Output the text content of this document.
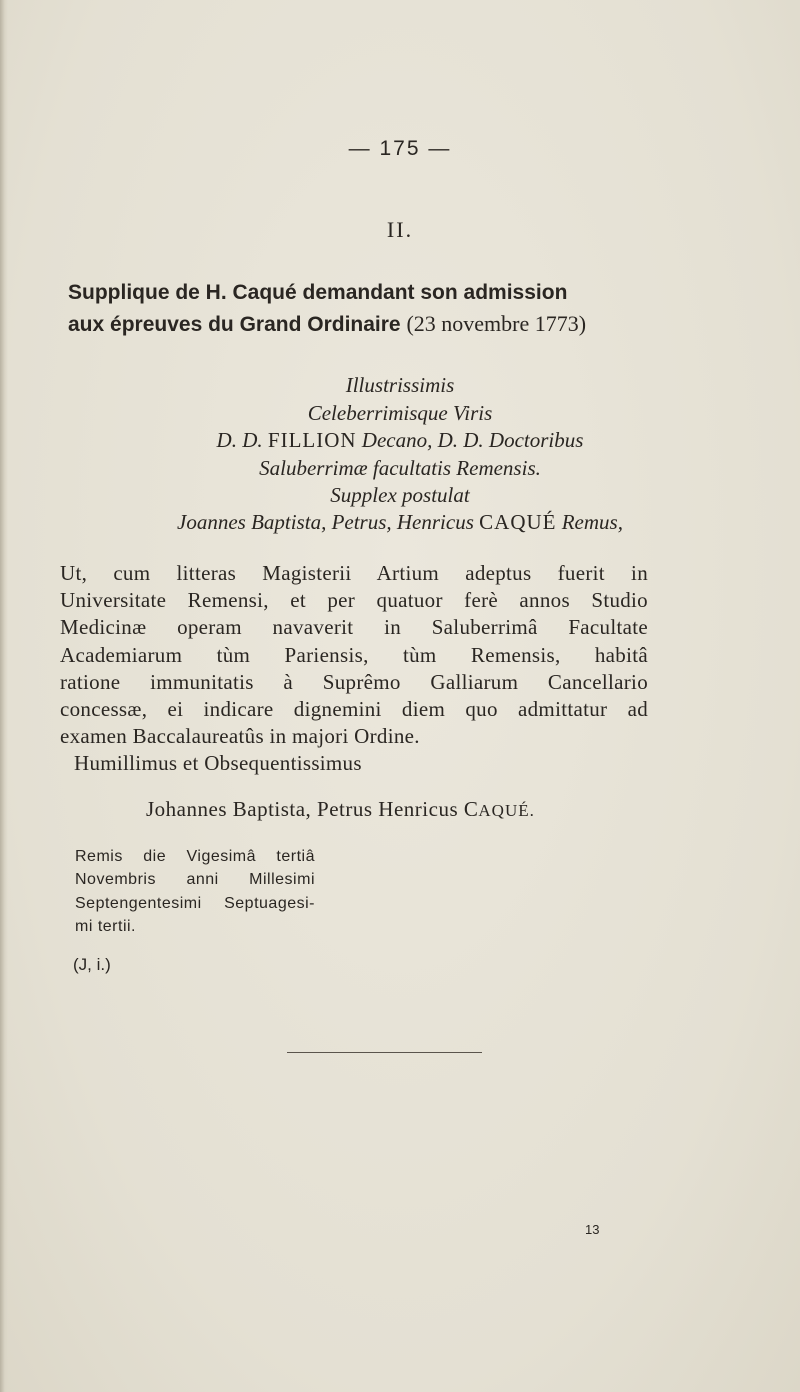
— 175 —
II.
Supplique de H. Caqué demandant son admission
aux épreuves du Grand Ordinaire (23 novembre 1773)
Illustrissimis
Celeberrimisque Viris
D. D. FILLION Decano, D. D. Doctoribus
Saluberrimæ facultatis Remensis.
Supplex postulat
Joannes Baptista, Petrus, Henricus CAQUÉ Remus,
Ut, cum litteras Magisterii Artium adeptus fuerit in
Universitate Remensi, et per quatuor ferè annos Studio
Medicinæ operam navaverit in Saluberrimâ Facultate
Academiarum tùm Pariensis, tùm Remensis, habitâ
ratione immunitatis à Suprêmo Galliarum Cancellario
concessæ, ei indicare dignemini diem quo admittatur ad
examen Baccalaureatûs in majori Ordine.
Humillimus et Obsequentissimus
Johannes Baptista, Petrus Henricus CAQUÉ.
Remis die Vigesimâ tertiâ
Novembris anni Millesimi
Septengentesimi Septuagesi-
mi tertii.
(J, i.)
13
